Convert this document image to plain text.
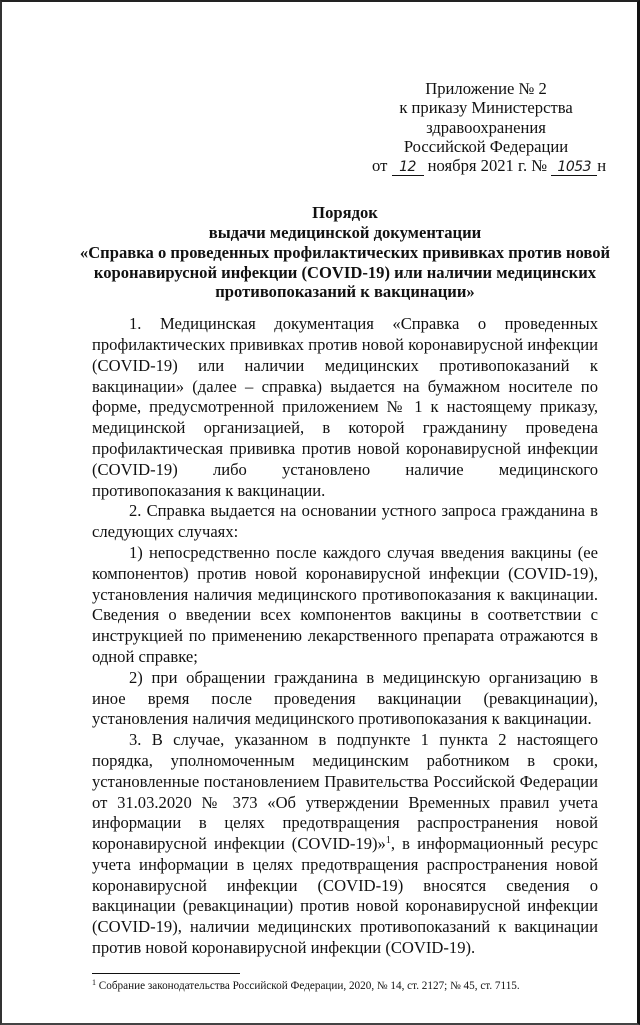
Приложение № 2
к приказу Министерства
здравоохранения
Российской Федерации
от 12 ноября 2021 г. № 1053 н
Порядок
выдачи медицинской документации
«Справка о проведенных профилактических прививках против новой коронавирусной инфекции (COVID-19) или наличии медицинских противопоказаний к вакцинации»

1. Медицинская документация «Справка о проведенных профилактических прививках против новой коронавирусной инфекции (COVID-19) или наличии медицинских противопоказаний к вакцинации» (далее – справка) выдается на бумажном носителе по форме, предусмотренной приложением № 1 к настоящему приказу, медицинской организацией, в которой гражданину проведена профилактическая прививка против новой коронавирусной инфекции (COVID-19) либо установлено наличие медицинского противопоказания к вакцинации.

2. Справка выдается на основании устного запроса гражданина в следующих случаях:

1) непосредственно после каждого случая введения вакцины (ее компонентов) против новой коронавирусной инфекции (COVID-19), установления наличия медицинского противопоказания к вакцинации. Сведения о введении всех компонентов вакцины в соответствии с инструкцией по применению лекарственного препарата отражаются в одной справке;

2) при обращении гражданина в медицинскую организацию в иное время после проведения вакцинации (ревакцинации), установления наличия медицинского противопоказания к вакцинации.

3. В случае, указанном в подпункте 1 пункта 2 настоящего порядка, уполномоченным медицинским работником в сроки, установленные постановлением Правительства Российской Федерации от 31.03.2020 № 373 «Об утверждении Временных правил учета информации в целях предотвращения распространения новой коронавирусной инфекции (COVID-19)»$^1$, в информационный ресурс учета информации в целях предотвращения распространения новой коронавирусной инфекции (COVID-19) вносятся сведения о вакцинации (ревакцинации) против новой коронавирусной инфекции (COVID-19), наличии медицинских противопоказаний к вакцинации против новой коронавирусной инфекции (COVID-19).

$^1$ Собрание законодательства Российской Федерации, 2020, № 14, ст. 2127; № 45, ст. 7115.
